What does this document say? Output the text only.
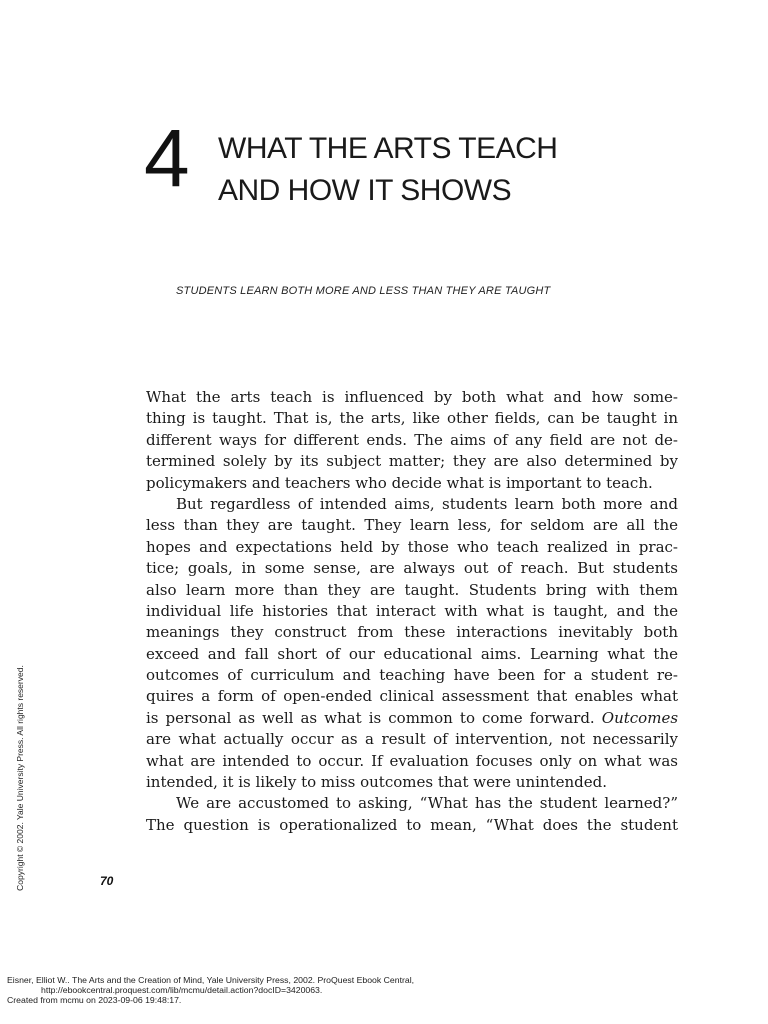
4 WHAT THE ARTS TEACH
AND HOW IT SHOWS
STUDENTS LEARN BOTH MORE AND LESS THAN THEY ARE TAUGHT
What the arts teach is influenced by both what and how some-
thing is taught. That is, the arts, like other fields, can be taught in
different ways for different ends. The aims of any field are not de-
termined solely by its subject matter; they are also determined by
policymakers and teachers who decide what is important to teach.
But regardless of intended aims, students learn both more and
less than they are taught. They learn less, for seldom are all the
hopes and expectations held by those who teach realized in prac-
tice; goals, in some sense, are always out of reach. But students
also learn more than they are taught. Students bring with them
individual life histories that interact with what is taught, and the
meanings they construct from these interactions inevitably both
exceed and fall short of our educational aims. Learning what the
outcomes of curriculum and teaching have been for a student re-
quires a form of open-ended clinical assessment that enables what
is personal as well as what is common to come forward. Outcomes
are what actually occur as a result of intervention, not necessarily
what are intended to occur. If evaluation focuses only on what was
intended, it is likely to miss outcomes that were unintended.
We are accustomed to asking, “What has the student learned?”
The question is operationalized to mean, “What does the student
70
Copyright © 2002. Yale University Press. All rights reserved.
Eisner, Elliot W.. The Arts and the Creation of Mind, Yale University Press, 2002. ProQuest Ebook Central,
http://ebookcentral.proquest.com/lib/mcmu/detail.action?docID=3420063.
Created from mcmu on 2023-09-06 19:48:17.
